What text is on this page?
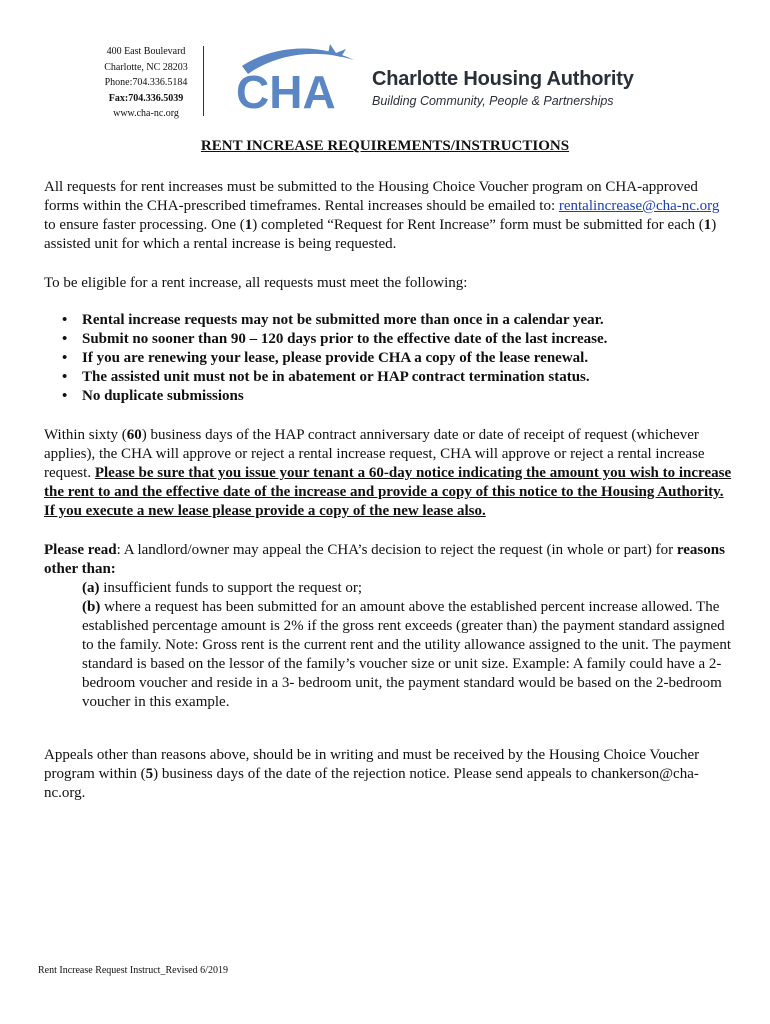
400 East Boulevard
Charlotte, NC 28203
Phone:704.336.5184
Fax:704.336.5039
www.cha-nc.org	CHA Charlotte Housing Authority
Building Community, People & Partnerships
RENT INCREASE REQUIREMENTS/INSTRUCTIONS
All requests for rent increases must be submitted to the Housing Choice Voucher program on CHA-approved forms within the CHA-prescribed timeframes. Rental increases should be emailed to: rentalincrease@cha-nc.org to ensure faster processing. One (1) completed “Request for Rent Increase” form must be submitted for each (1) assisted unit for which a rental increase is being requested.
To be eligible for a rent increase, all requests must meet the following:
• Rental increase requests may not be submitted more than once in a calendar year.
• Submit no sooner than 90 – 120 days prior to the effective date of the last increase.
• If you are renewing your lease, please provide CHA a copy of the lease renewal.
• The assisted unit must not be in abatement or HAP contract termination status.
• No duplicate submissions
Within sixty (60) business days of the HAP contract anniversary date or date of receipt of request (whichever applies), the CHA will approve or reject a rental increase request, CHA will approve or reject a rental increase request. Please be sure that you issue your tenant a 60-day notice indicating the amount you wish to increase the rent to and the effective date of the increase and provide a copy of this notice to the Housing Authority. If you execute a new lease please provide a copy of the new lease also.
Please read: A landlord/owner may appeal the CHA’s decision to reject the request (in whole or part) for reasons other than:
(a) insufficient funds to support the request or;
(b) where a request has been submitted for an amount above the established percent increase allowed. The established percentage amount is 2% if the gross rent exceeds (greater than) the payment standard assigned to the family. Note: Gross rent is the current rent and the utility allowance assigned to the unit. The payment standard is based on the lessor of the family’s voucher size or unit size. Example: A family could have a 2-bedroom voucher and reside in a 3- bedroom unit, the payment standard would be based on the 2-bedroom voucher in this example.
Appeals other than reasons above, should be in writing and must be received by the Housing Choice Voucher program within (5) business days of the date of the rejection notice. Please send appeals to chankerson@cha-nc.org.
Rent Increase Request Instruct_Revised 6/2019
